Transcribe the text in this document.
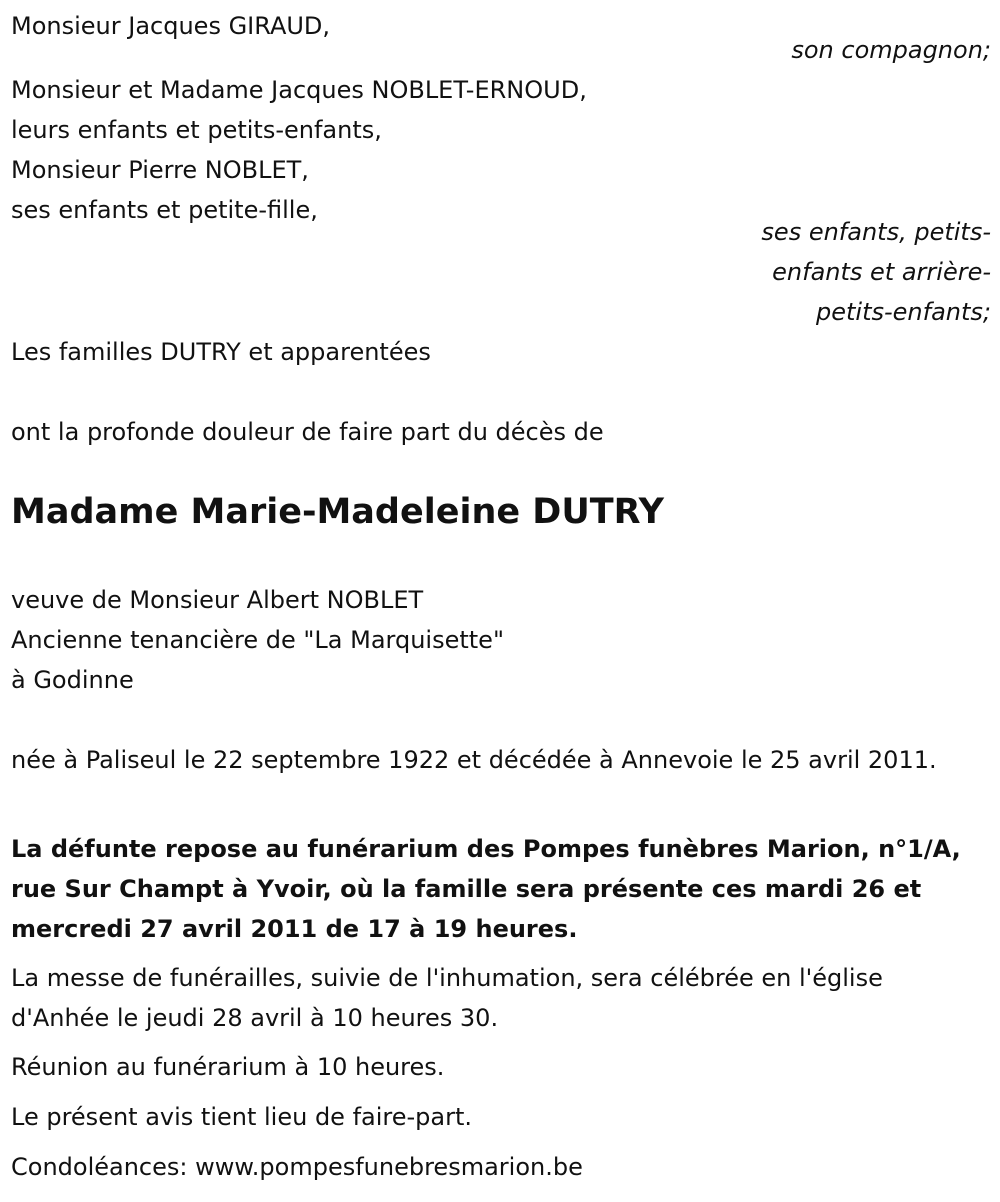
Monsieur Jacques GIRAUD,

son compagnon;

Monsieur et Madame Jacques NOBLET-ERNOUD,

leurs enfants et petits-enfants,

Monsieur Pierre NOBLET,

ses enfants et petite-fille,

ses enfants, petits-

enfants et arrière-

petits-enfants;

Les familles DUTRY et apparentées

ont la profonde douleur de faire part du décès de

Madame Marie-Madeleine DUTRY

veuve de Monsieur Albert NOBLET

Ancienne tenancière de "La Marquisette"

à Godinne

née à Paliseul le 22 septembre 1922 et décédée à Annevoie le 25 avril 2011.

La défunte repose au funérarium des Pompes funèbres Marion, n°1/A, rue Sur Champt à Yvoir, où la famille sera présente ces mardi 26 et mercredi 27 avril 2011 de 17 à 19 heures.

La messe de funérailles, suivie de l'inhumation, sera célébrée en l'église d'Anhée le jeudi 28 avril à 10 heures 30.

Réunion au funérarium à 10 heures.

Le présent avis tient lieu de faire-part.

Condoléances: www.pompesfunebresmarion.be
